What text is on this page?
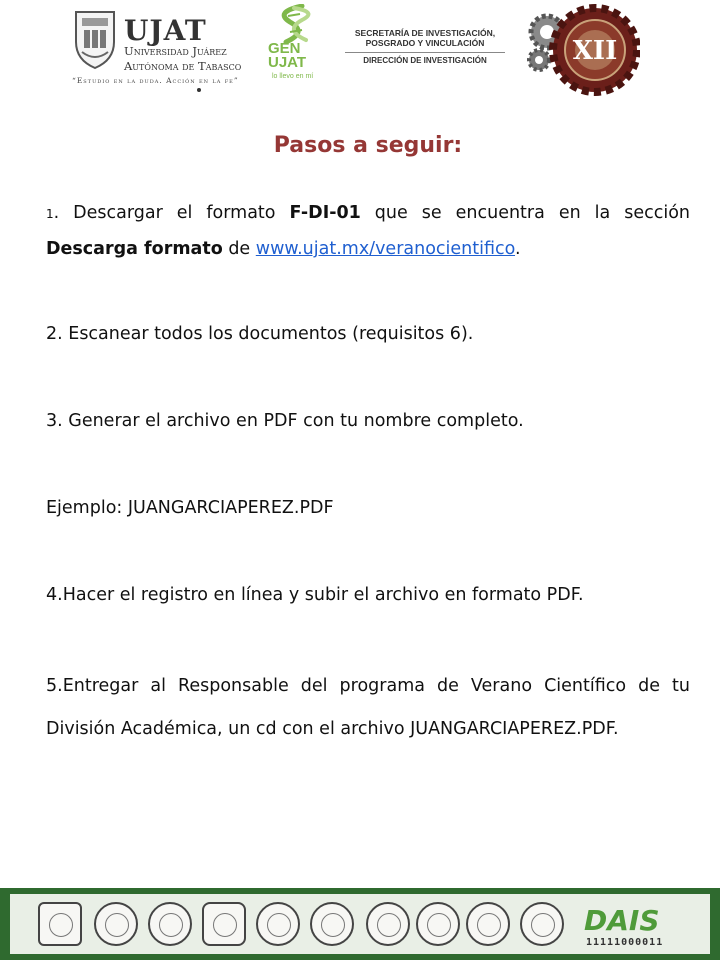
UJAT
Universidad Juárez
Autónoma de Tabasco
“Estudio en la duda. Acción en la fe”
GEN UJAT
lo llevo en mí
SECRETARÍA DE INVESTIGACIÓN,
POSGRADO Y VINCULACIÓN
DIRECCIÓN DE INVESTIGACIÓN	XII
Pasos a seguir:

1. Descargar el formato F-DI-01 que se encuentra en la sección Descarga formato de www.ujat.mx/veranocientifico.

2. Escanear todos los documentos (requisitos 6).

3. Generar el archivo en PDF con tu nombre completo.

Ejemplo: JUANGARCIAPEREZ.PDF

4.Hacer el registro en línea y subir el archivo en formato PDF.

5.Entregar al Responsable del programa de Verano Científico de tu División Académica, un cd con el archivo JUANGARCIAPEREZ.PDF.

DAIS
11111000011
